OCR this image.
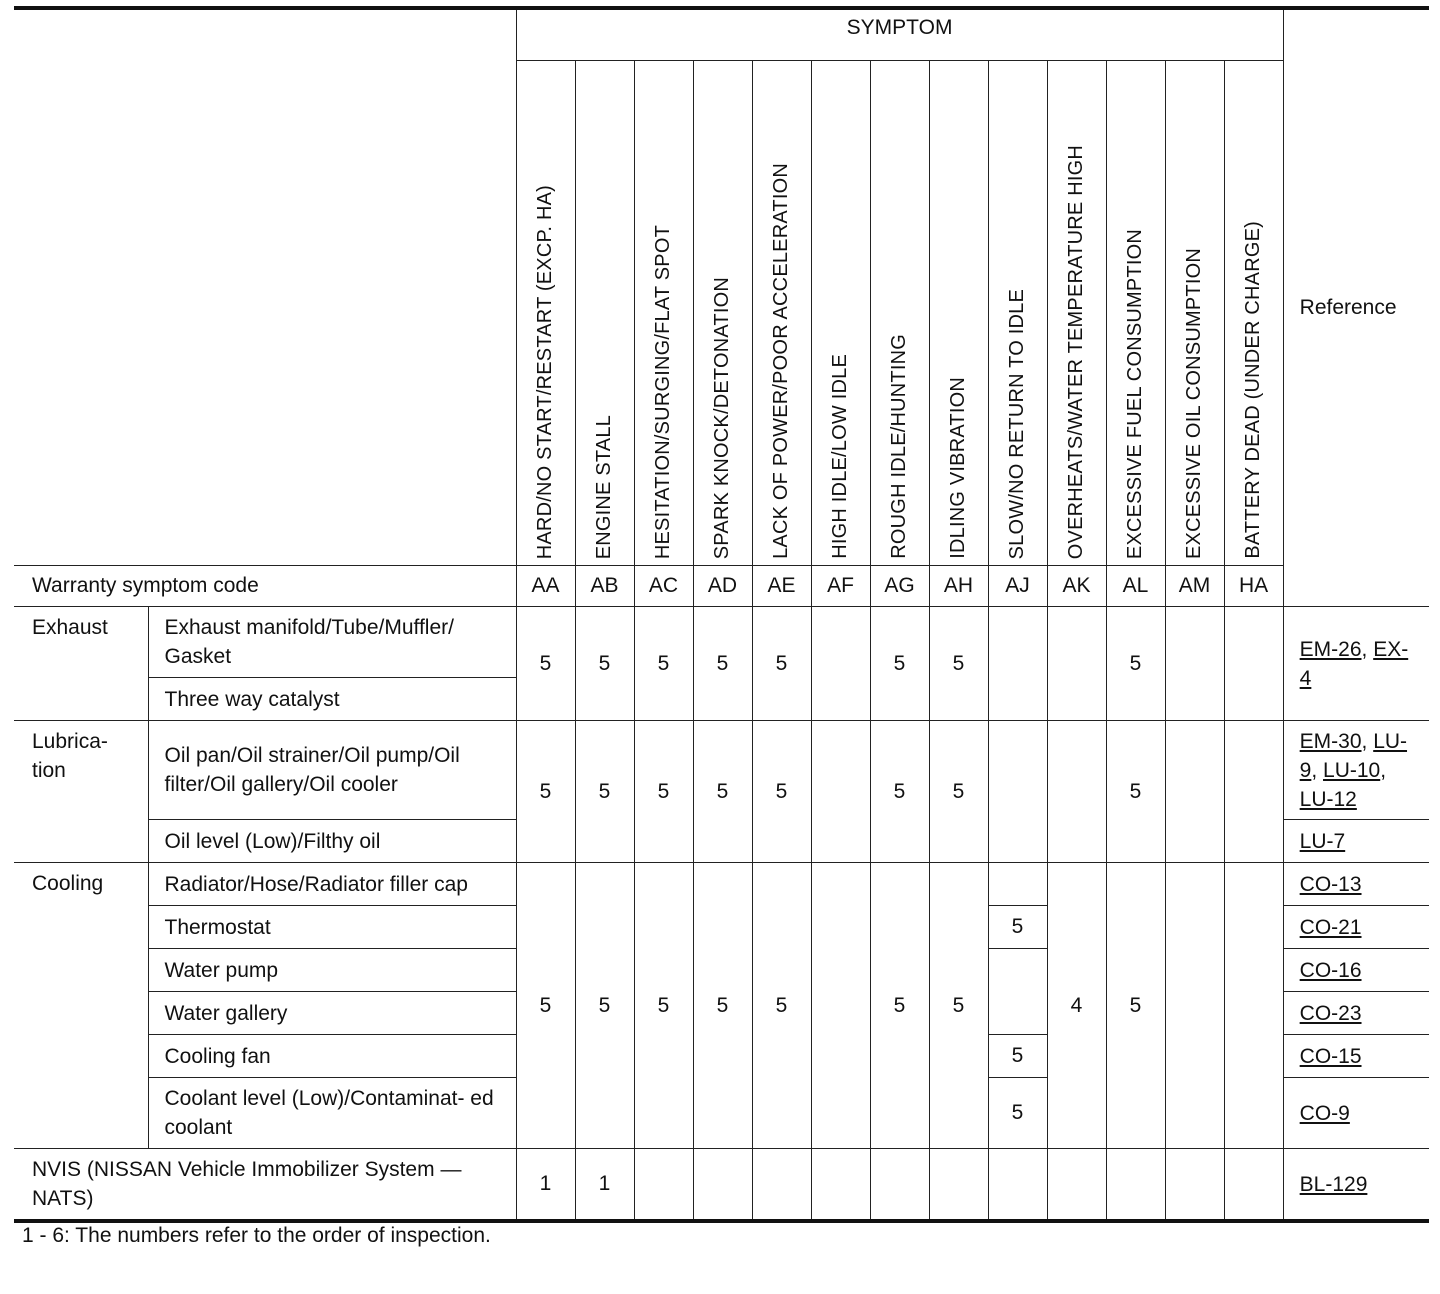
		SYMPTOM													Reference
		HARD/NO START/RESTART (EXCP. HA)	ENGINE STALL	HESITATION/SURGING/FLAT SPOT	SPARK KNOCK/DETONATION	LACK OF POWER/POOR ACCELERATION	HIGH IDLE/LOW IDLE	ROUGH IDLE/HUNTING	IDLING VIBRATION	SLOW/NO RETURN TO IDLE	OVERHEATS/WATER TEMPERATURE HIGH	EXCESSIVE FUEL CONSUMPTION	EXCESSIVE OIL CONSUMPTION	BATTERY DEAD (UNDER CHARGE)	
Warranty symptom code		AA	AB	AC	AD	AE	AF	AG	AH	AJ	AK	AL	AM	HA	
Exhaust	Exhaust manifold/Tube/Muffler/ Gasket	5	5	5	5	5		5	5			5			EM-26, EX- 4
	Three way catalyst														
Lubrica- tion	Oil pan/Oil strainer/Oil pump/Oil filter/Oil gallery/Oil cooler	5	5	5	5	5		5	5			5			EM-30, LU- 9, LU-10, LU-12
	Oil level (Low)/Filthy oil														LU-7
Cooling	Radiator/Hose/Radiator filler cap	5	5	5	5	5		5	5		4	5			CO-13
	Thermostat									5					CO-21
	Water pump														CO-16
	Water gallery														CO-23
	Cooling fan									5					CO-15
	Coolant level (Low)/Contaminat- ed coolant									5					CO-9
NVIS (NISSAN Vehicle Immobilizer System — NATS)		1	1												BL-129
1 - 6: The numbers refer to the order of inspection.
